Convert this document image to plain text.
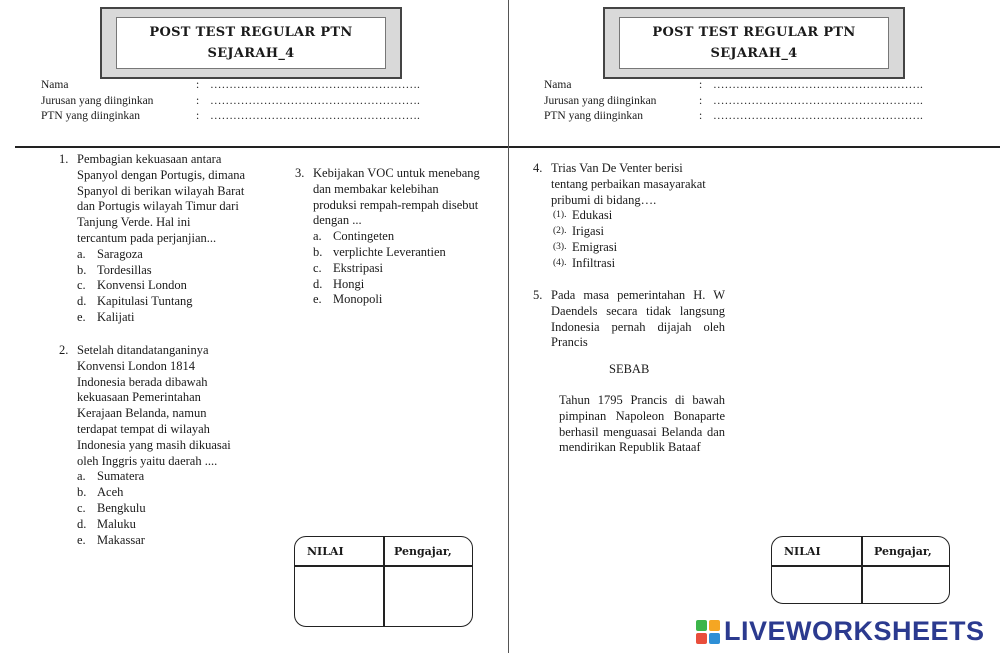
POST TEST REGULAR PTN
SEJARAH_4
Nama	: ……………………………………………….
Jurusan yang diinginkan	: ……………………………………………….
PTN yang diinginkan	: ……………………………………………….
POST TEST REGULAR PTN
SEJARAH_4
Nama	: ……………………………………………….
Jurusan yang diinginkan	: ……………………………………………….
PTN yang diinginkan	: ……………………………………………….
1. Pembagian kekuasaan antara
Spanyol dengan Portugis, dimana
Spanyol di berikan wilayah Barat
dan Portugis wilayah Timur dari
Tanjung Verde. Hal ini
tercantum pada perjanjian...
a. Saragoza
b. Tordesillas
c. Konvensi London
d. Kapitulasi Tuntang
e. Kalijati
2. Setelah ditandatanganinya
Konvensi London 1814
Indonesia berada dibawah
kekuasaan Pemerintahan
Kerajaan Belanda, namun
terdapat tempat di wilayah
Indonesia yang masih dikuasai
oleh Inggris yaitu daerah ....
a. Sumatera
b. Aceh
c. Bengkulu
d. Maluku
e. Makassar
3. Kebijakan VOC untuk menebang
dan membakar kelebihan
produksi rempah-rempah disebut
dengan ...
a. Contingeten
b. verplichte Leverantien
c. Ekstripasi
d. Hongi
e. Monopoli
4. Trias Van De Venter berisi
tentang perbaikan masayarakat
pribumi di bidang….
(1). Edukasi
(2). Irigasi
(3). Emigrasi
(4). Infiltrasi
5. Pada masa pemerintahan H. W
Daendels secara tidak langsung
Indonesia pernah dijajah oleh
Prancis
SEBAB
Tahun 1795 Prancis di bawah
pimpinan Napoleon Bonaparte
berhasil menguasai Belanda dan
mendirikan Republik Bataaf
NILAI	Pengajar,	NILAI	Pengajar,
LIVEWORKSHEETS
